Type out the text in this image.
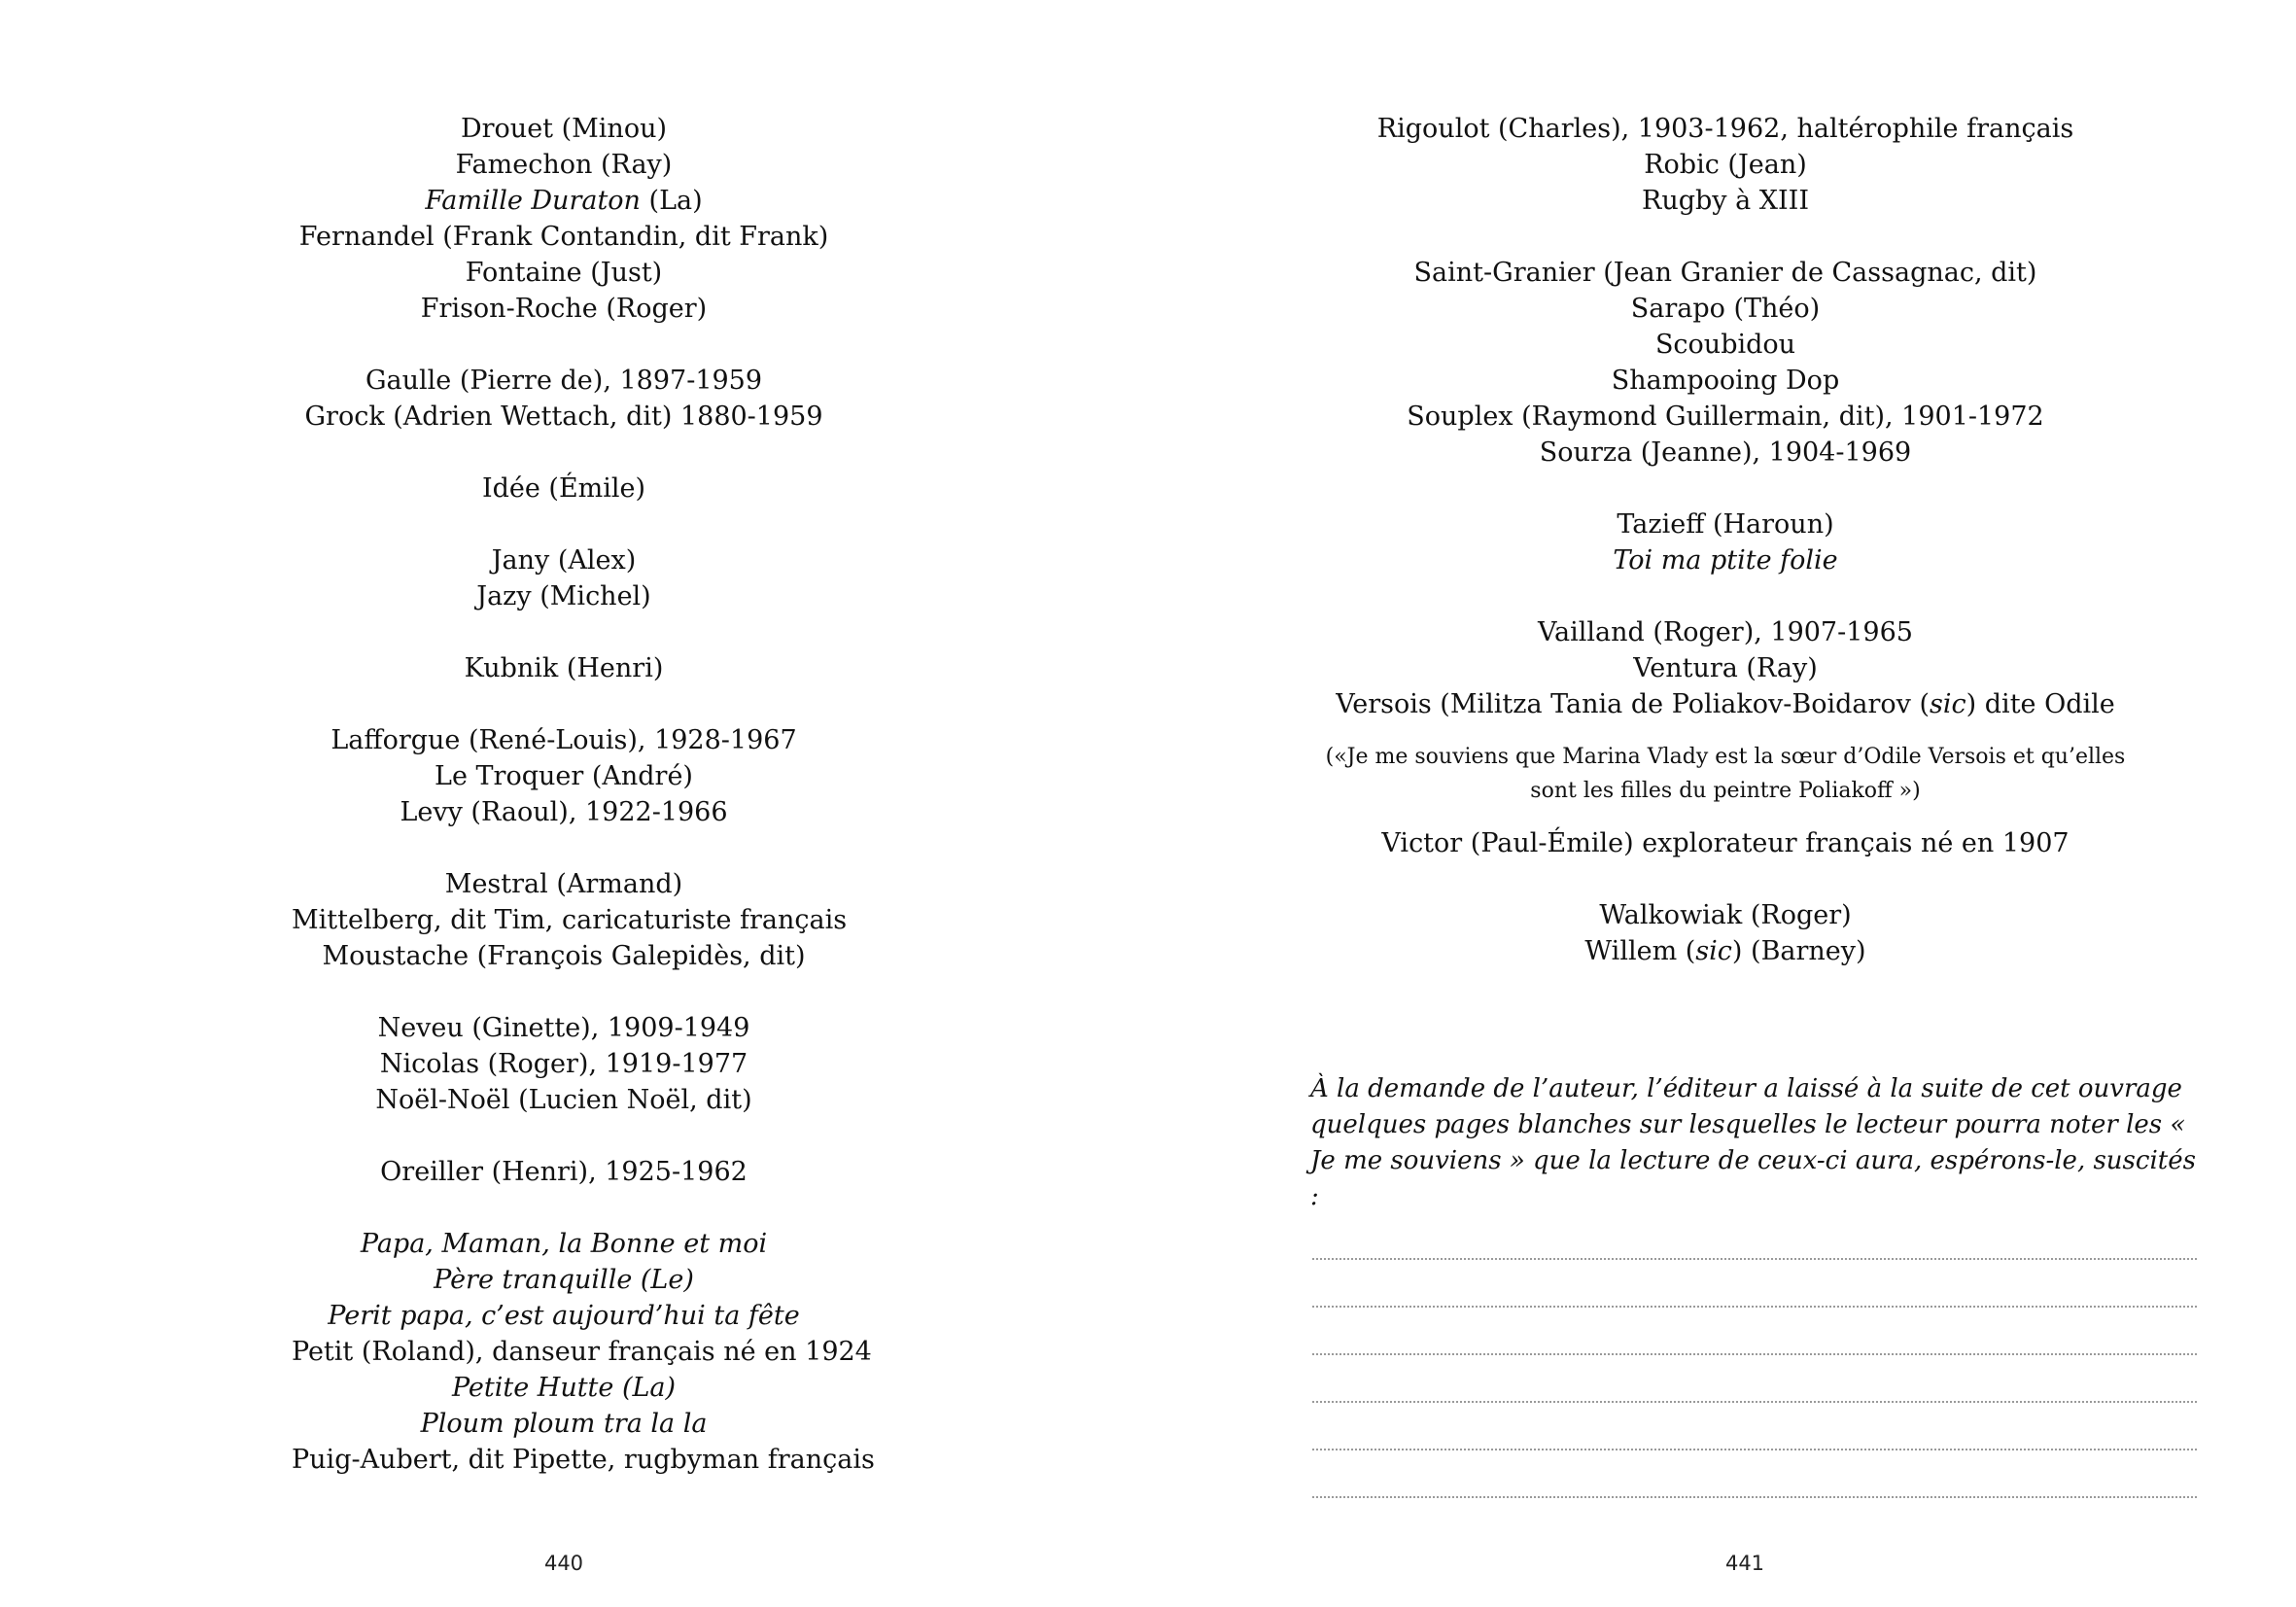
Drouet (Minou)
Famechon (Ray)
Famille Duraton (La)
Fernandel (Frank Contandin, dit Frank)
Fontaine (Just)
Frison-Roche (Roger)
Gaulle (Pierre de), 1897-1959
Grock (Adrien Wettach, dit) 1880-1959
Idée (Émile)
Jany (Alex)
Jazy (Michel)
Kubnik (Henri)
Lafforgue (René-Louis), 1928-1967
Le Troquer (André)
Levy (Raoul), 1922-1966
Mestral (Armand)
Mittelberg, dit Tim, caricaturiste français
Moustache (François Galepidès, dit)
Neveu (Ginette), 1909-1949
Nicolas (Roger), 1919-1977
Noël-Noël (Lucien Noël, dit)
Oreiller (Henri), 1925-1962
Papa, Maman, la Bonne et moi
Père tranquille (Le)
Perit papa, c’est aujourd’hui ta fête
Petit (Roland), danseur français né en 1924
Petite Hutte (La)
Ploum ploum tra la la
Puig-Aubert, dit Pipette, rugbyman français
440
Rigoulot (Charles), 1903-1962, haltérophile français
Robic (Jean)
Rugby à XIII
Saint-Granier (Jean Granier de Cassagnac, dit)
Sarapo (Théo)
Scoubidou
Shampooing Dop
Souplex (Raymond Guillermain, dit), 1901-1972
Sourza (Jeanne), 1904-1969
Tazieff (Haroun)
Toi ma ptite folie
Vailland (Roger), 1907-1965
Ventura (Ray)
Versois (Militza Tania de Poliakov-Boidarov (sic) dite Odile
(«Je me souviens que Marina Vlady est la sœur d’Odile Versois et qu’elles sont les filles du peintre Poliakoff »)
Victor (Paul-Émile) explorateur français né en 1907
Walkowiak (Roger)
Willem (sic) (Barney)
À la demande de l’auteur, l’éditeur a laissé à la suite de cet ouvrage quelques pages blanches sur lesquelles le lecteur pourra noter les « Je me souviens » que la lecture de ceux-ci aura, espérons-le, suscités :
441
